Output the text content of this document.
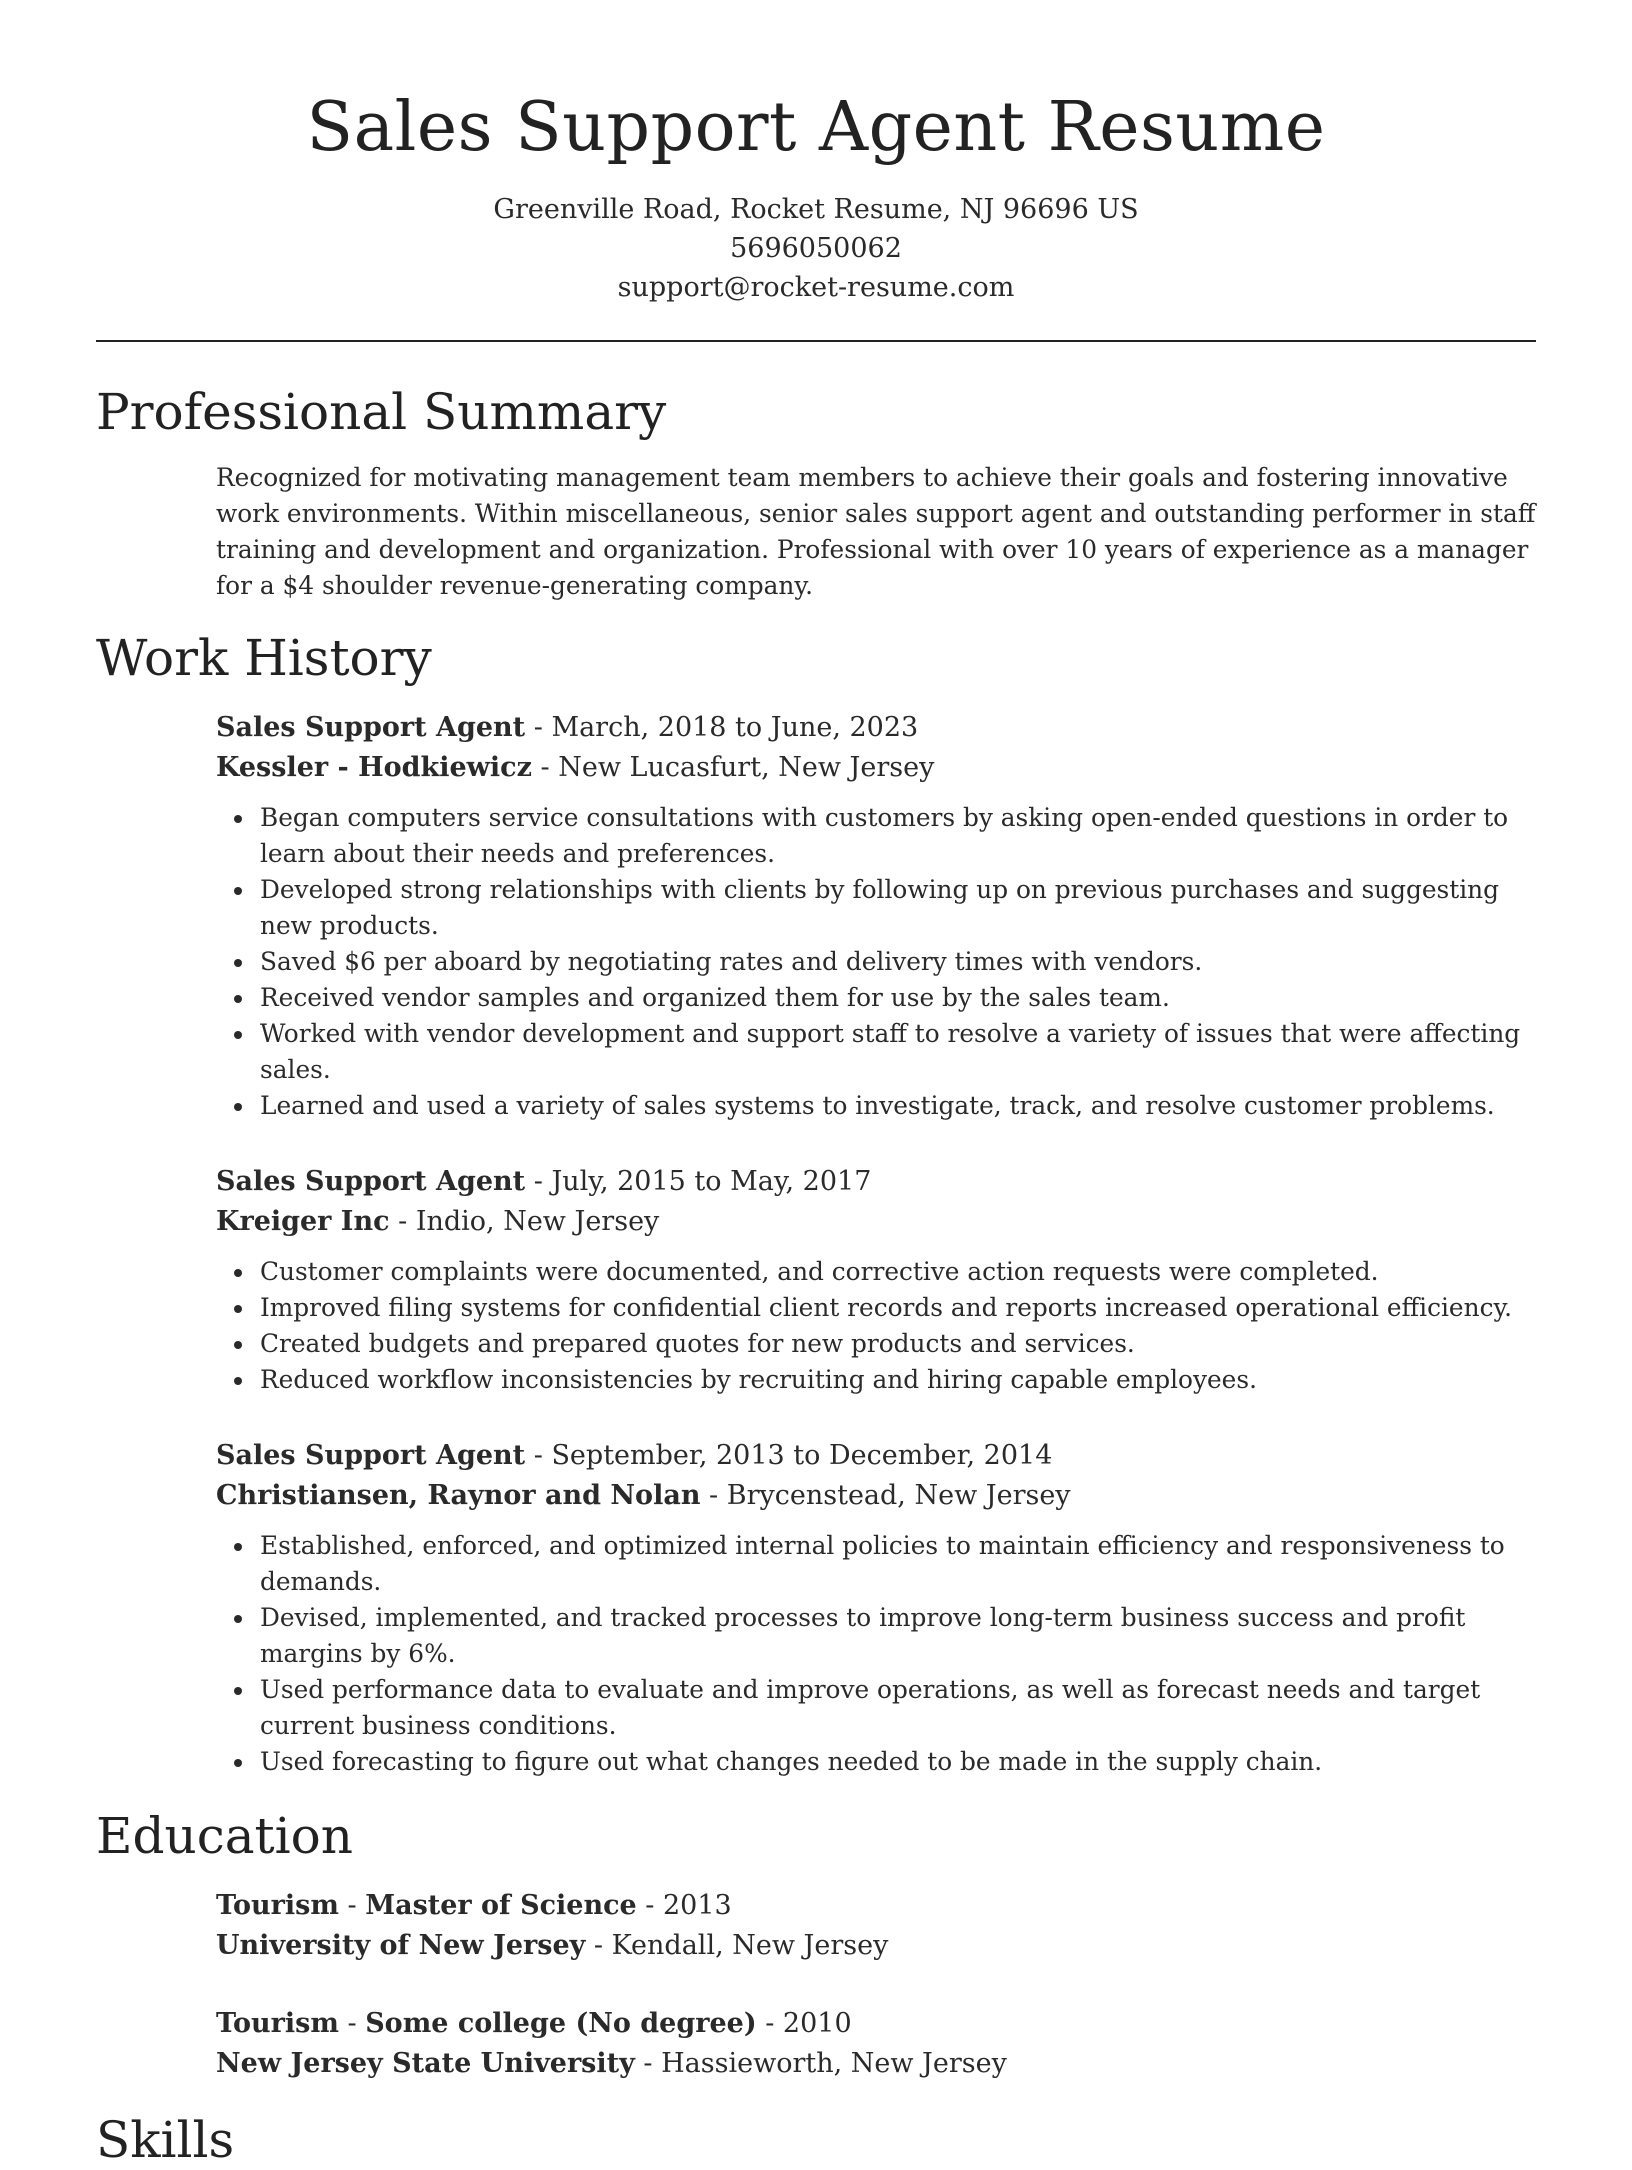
Sales Support Agent Resume
Greenville Road, Rocket Resume, NJ 96696 US
5696050062
support@rocket-resume.com
Professional Summary

Recognized for motivating management team members to achieve their goals and fostering innovative work environments. Within miscellaneous, senior sales support agent and outstanding performer in staff training and development and organization. Professional with over 10 years of experience as a manager for a $4 shoulder revenue-generating company.

Work History
Sales Support Agent - March, 2018 to June, 2023
Kessler - Hodkiewicz - New Lucasfurt, New Jersey
Began computers service consultations with customers by asking open-ended questions in order to learn about their needs and preferences.
Developed strong relationships with clients by following up on previous purchases and suggesting new products.
Saved $6 per aboard by negotiating rates and delivery times with vendors.
Received vendor samples and organized them for use by the sales team.
Worked with vendor development and support staff to resolve a variety of issues that were affecting sales.
Learned and used a variety of sales systems to investigate, track, and resolve customer problems.
Sales Support Agent - July, 2015 to May, 2017
Kreiger Inc - Indio, New Jersey
Customer complaints were documented, and corrective action requests were completed.
Improved filing systems for confidential client records and reports increased operational efficiency.
Created budgets and prepared quotes for new products and services.
Reduced workflow inconsistencies by recruiting and hiring capable employees.
Sales Support Agent - September, 2013 to December, 2014
Christiansen, Raynor and Nolan - Brycenstead, New Jersey
Established, enforced, and optimized internal policies to maintain efficiency and responsiveness to demands.
Devised, implemented, and tracked processes to improve long-term business success and profit margins by 6%.
Used performance data to evaluate and improve operations, as well as forecast needs and target current business conditions.
Used forecasting to figure out what changes needed to be made in the supply chain.
Education
Tourism - Master of Science - 2013
University of New Jersey - Kendall, New Jersey
Tourism - Some college (No degree) - 2010
New Jersey State University - Hassieworth, New Jersey
Skills
